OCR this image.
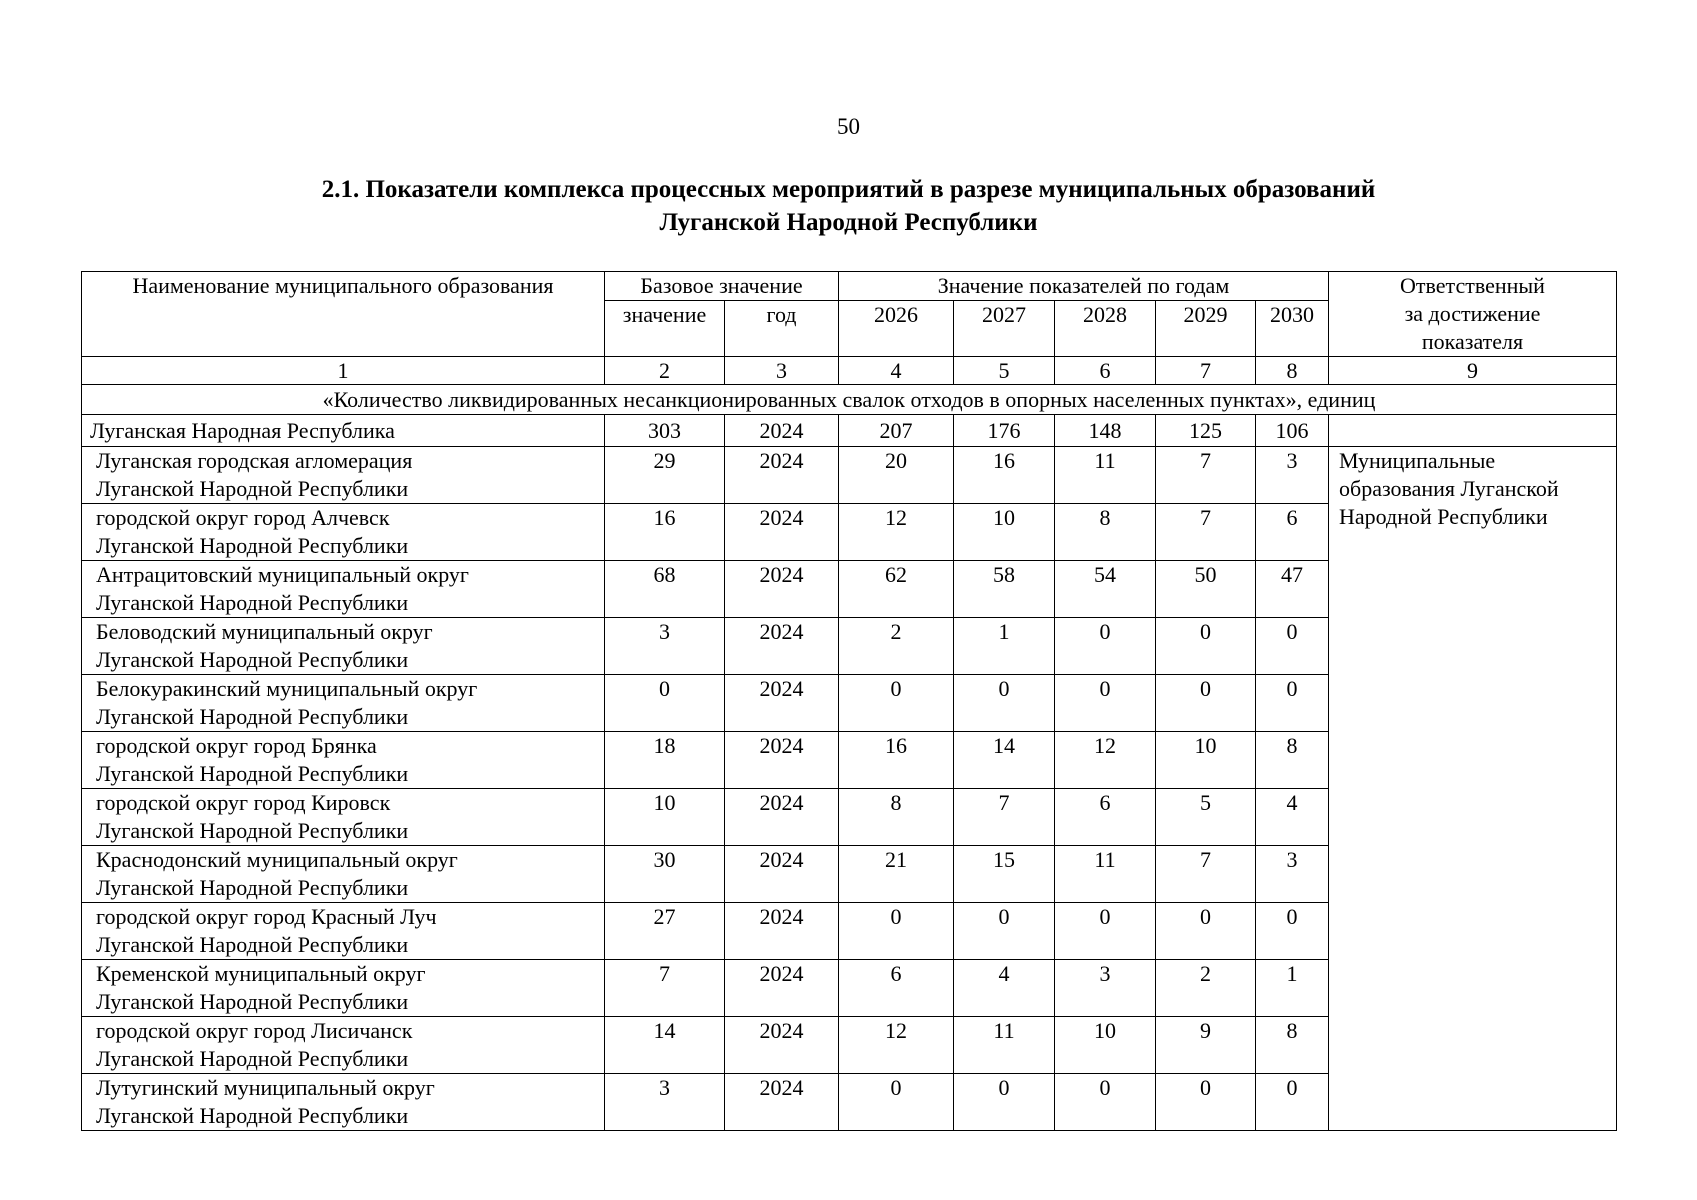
50
2.1. Показатели комплекса процессных мероприятий в разрезе муниципальных образований
Луганской Народной Республики
Наименование муниципального образования	Базовое значение		Значение показателей по годам					Ответственный
за достижение
показателя

	значение	год	2026	2027	2028	2029	2030	
1	2	3	4	5	6	7	8	9
«Количество ликвидированных несанкционированных свалок отходов в опорных населенных пунктах», единиц								
Луганская Народная Республика	303	2024	207	176	148	125	106	

Луганская городская агломерация
Луганской Народной Республики	29	2024	20	16	11	7	3	Муниципальные
образования Луганской
Народной Республики

городской округ город Алчевск
Луганской Народной Республики	16	2024	12	10	8	7	6	

Антрацитовский муниципальный округ
Луганской Народной Республики	68	2024	62	58	54	50	47	

Беловодский муниципальный округ
Луганской Народной Республики	3	2024	2	1	0	0	0	

Белокуракинский муниципальный округ
Луганской Народной Республики	0	2024	0	0	0	0	0	

городской округ город Брянка
Луганской Народной Республики	18	2024	16	14	12	10	8	

городской округ город Кировск
Луганской Народной Республики	10	2024	8	7	6	5	4	

Краснодонский муниципальный округ
Луганской Народной Республики	30	2024	21	15	11	7	3	

городской округ город Красный Луч
Луганской Народной Республики	27	2024	0	0	0	0	0	

Кременской муниципальный округ
Луганской Народной Республики	7	2024	6	4	3	2	1	

городской округ город Лисичанск
Луганской Народной Республики	14	2024	12	11	10	9	8	

Лутугинский муниципальный округ
Луганской Народной Республики	3	2024	0	0	0	0	0	
